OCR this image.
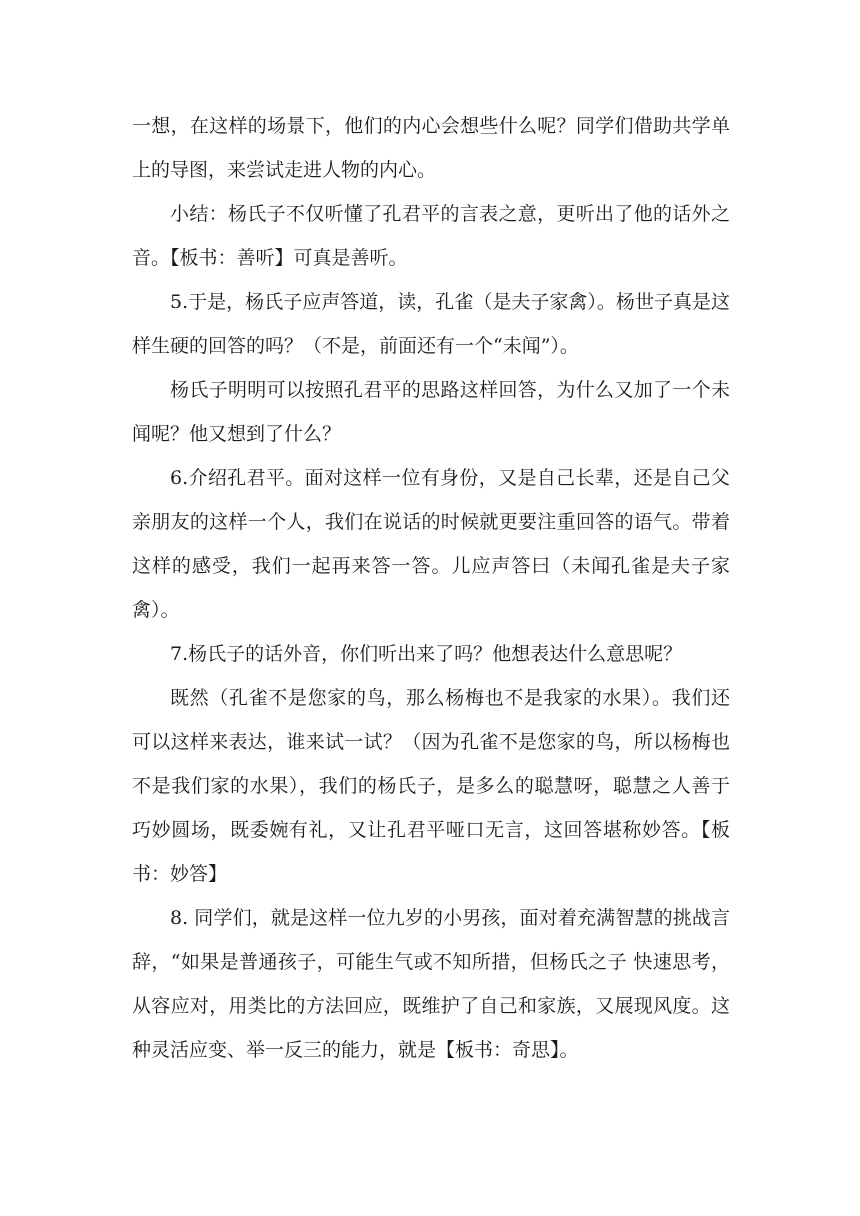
一想，在这样的场景下，他们的内心会想些什么呢？同学们借助共学单上的导图，来尝试走进人物的内心。

小结：杨氏子不仅听懂了孔君平的言表之意，更听出了他的话外之音。【板书：善听】可真是善听。

5.于是，杨氏子应声答道，读，孔雀（是夫子家禽）。杨世子真是这样生硬的回答的吗？（不是，前面还有一个“未闻”）。

杨氏子明明可以按照孔君平的思路这样回答，为什么又加了一个未闻呢？他又想到了什么？

6.介绍孔君平。面对这样一位有身份，又是自己长辈，还是自己父亲朋友的这样一个人，我们在说话的时候就更要注重回答的语气。带着这样的感受，我们一起再来答一答。儿应声答曰（未闻孔雀是夫子家禽）。

7.杨氏子的话外音，你们听出来了吗？他想表达什么意思呢？

既然（孔雀不是您家的鸟，那么杨梅也不是我家的水果）。我们还可以这样来表达，谁来试一试？（因为孔雀不是您家的鸟，所以杨梅也不是我们家的水果），我们的杨氏子，是多么的聪慧呀，聪慧之人善于巧妙圆场，既委婉有礼，又让孔君平哑口无言，这回答堪称妙答。【板书：妙答】

8. 同学们，就是这样一位九岁的小男孩，面对着充满智慧的挑战言辞，“如果是普通孩子，可能生气或不知所措，但杨氏之子 快速思考，从容应对，用类比的方法回应，既维护了自己和家族，又展现风度。这种灵活应变、举一反三的能力，就是【板书：奇思】。
